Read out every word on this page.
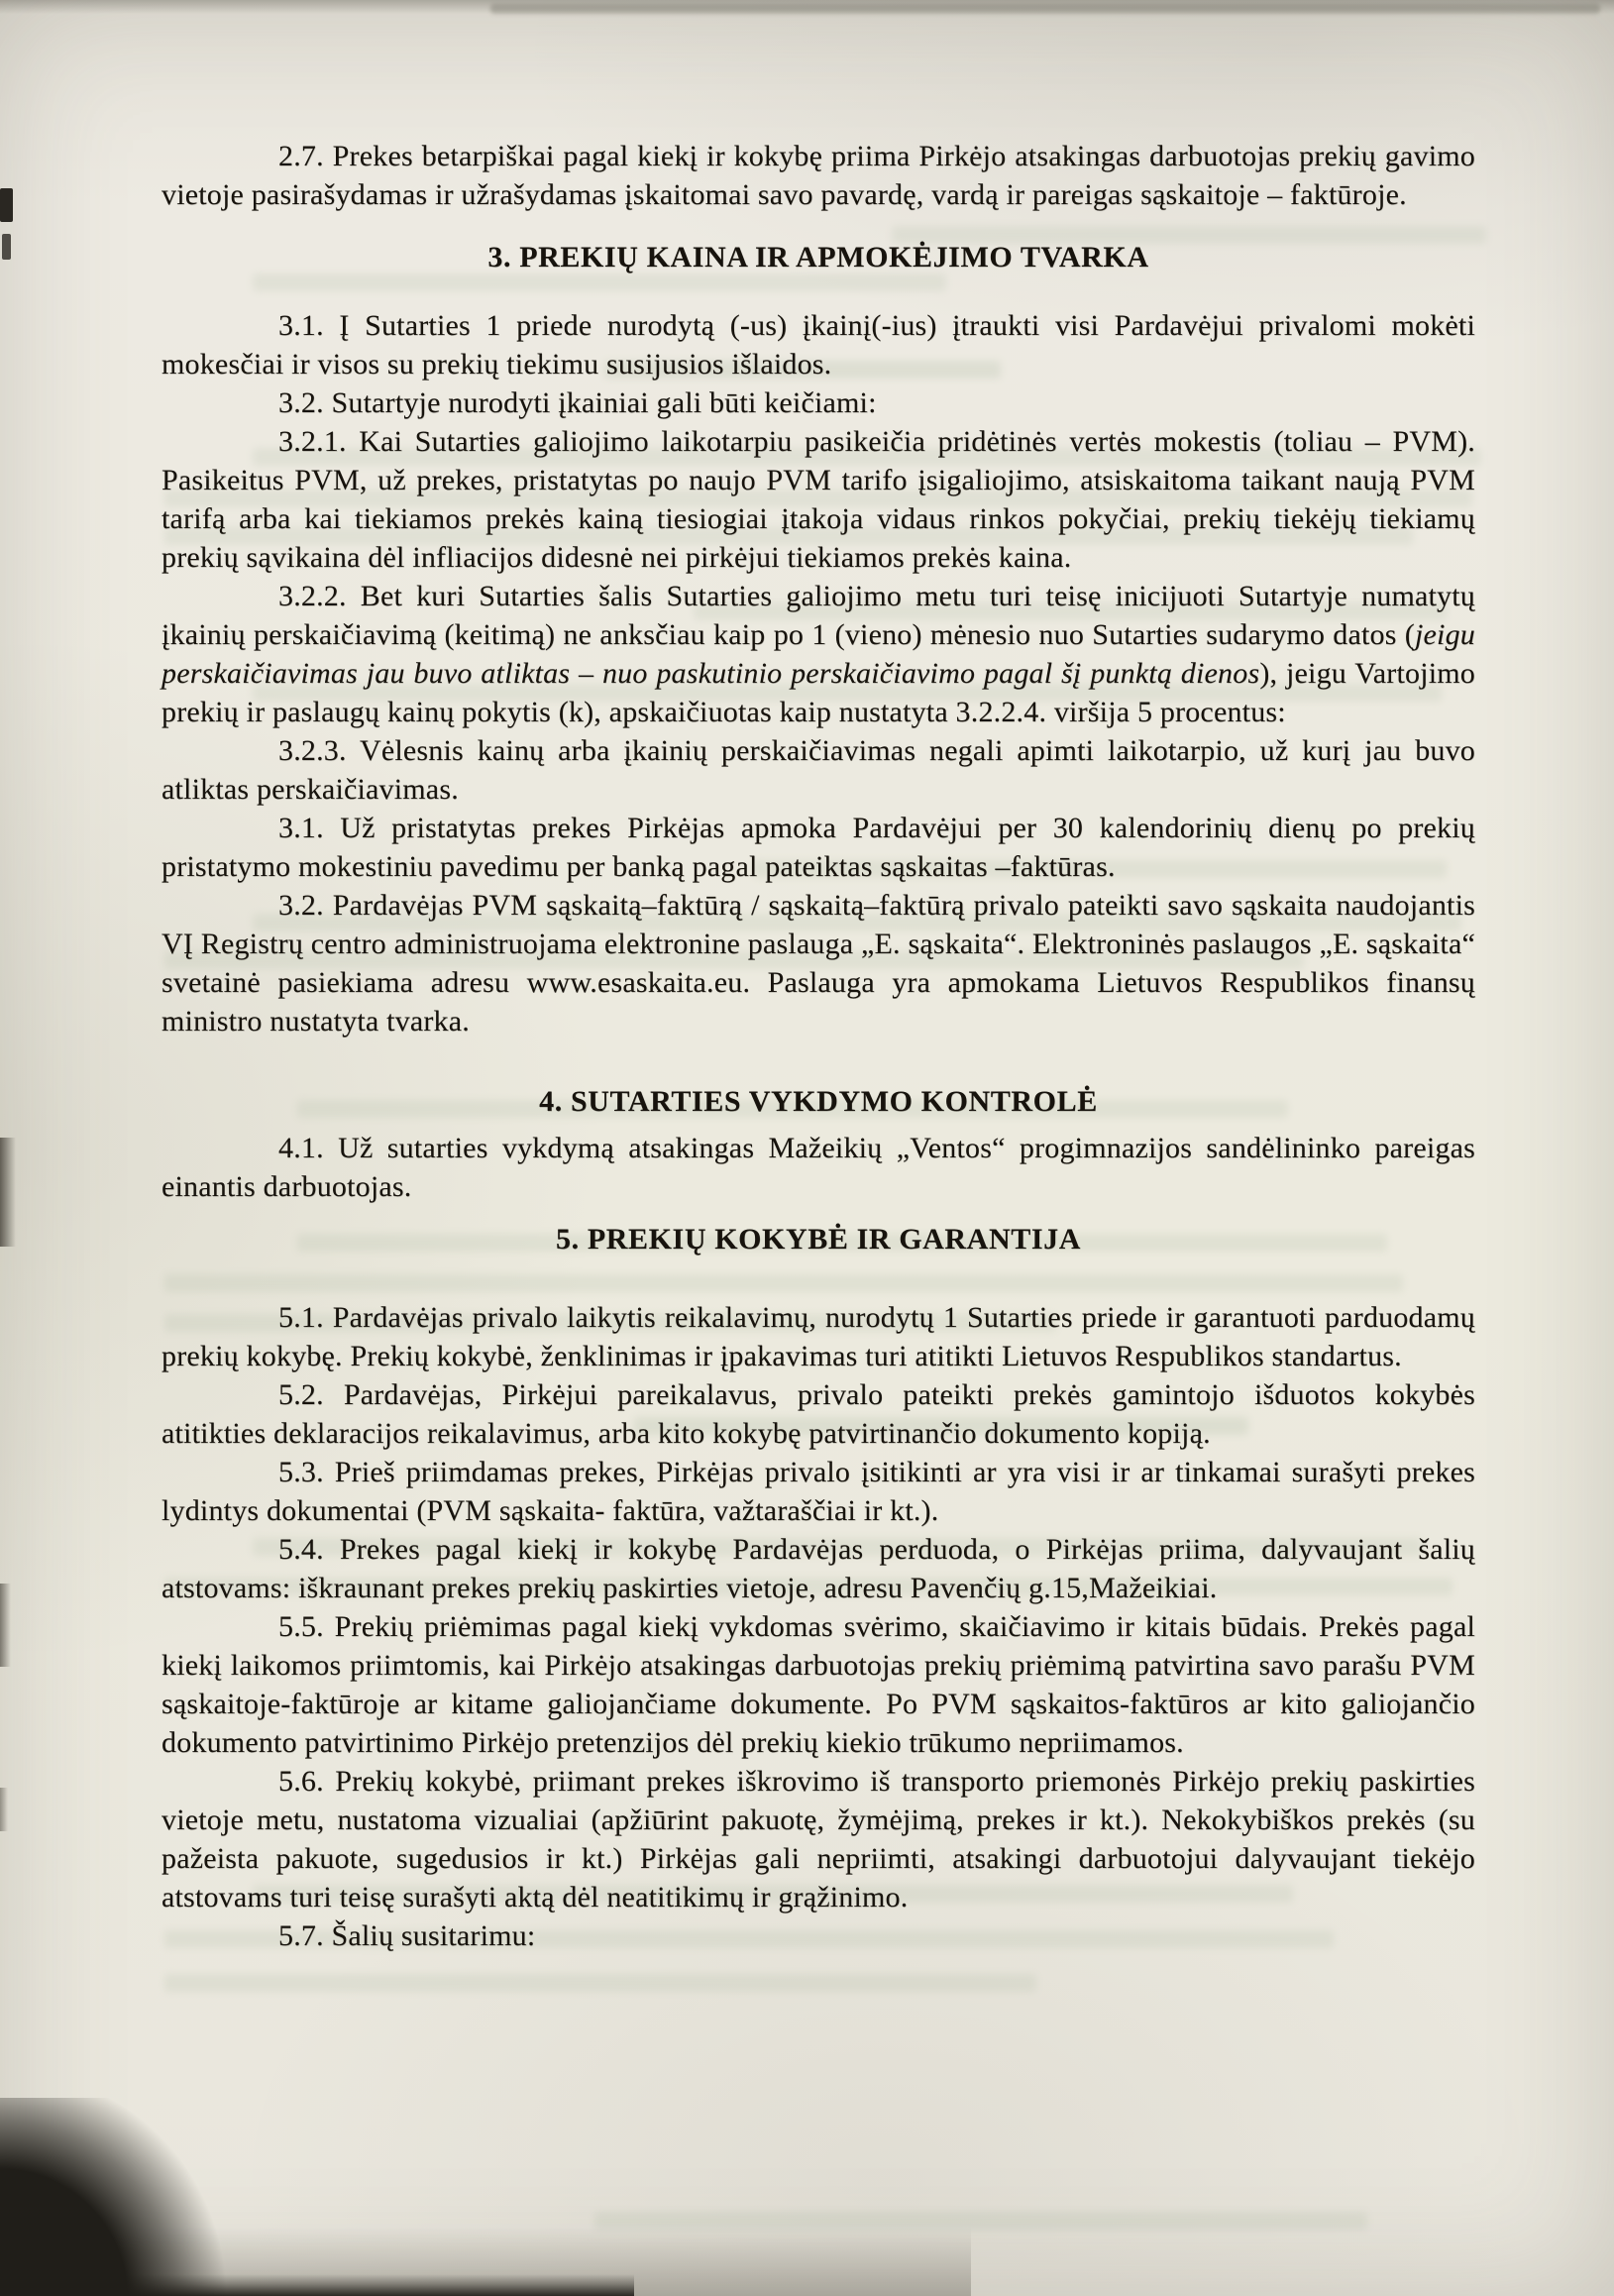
2.7. Prekes betarpiškai pagal kiekį ir kokybę priima Pirkėjo atsakingas darbuotojas prekių gavimo vietoje pasirašydamas ir užrašydamas įskaitomai savo pavardę, vardą ir pareigas sąskaitoje – faktūroje.

3. PREKIŲ KAINA IR APMOKĖJIMO TVARKA

3.1. Į Sutarties 1 priede nurodytą (-us) įkainį(-ius) įtraukti visi Pardavėjui privalomi mokėti mokesčiai ir visos su prekių tiekimu susijusios išlaidos.

3.2. Sutartyje nurodyti įkainiai gali būti keičiami:

3.2.1. Kai Sutarties galiojimo laikotarpiu pasikeičia pridėtinės vertės mokestis (toliau – PVM). Pasikeitus PVM, už prekes, pristatytas po naujo PVM tarifo įsigaliojimo, atsiskaitoma taikant naują PVM tarifą arba kai tiekiamos prekės kainą tiesiogiai įtakoja vidaus rinkos pokyčiai, prekių tiekėjų tiekiamų prekių sąvikaina dėl infliacijos didesnė nei pirkėjui tiekiamos prekės kaina.

3.2.2. Bet kuri Sutarties šalis Sutarties galiojimo metu turi teisę inicijuoti Sutartyje numatytų įkainių perskaičiavimą (keitimą) ne anksčiau kaip po 1 (vieno) mėnesio nuo Sutarties sudarymo datos (jeigu perskaičiavimas jau buvo atliktas – nuo paskutinio perskaičiavimo pagal šį punktą dienos), jeigu Vartojimo prekių ir paslaugų kainų pokytis (k), apskaičiuotas kaip nustatyta 3.2.2.4. viršija 5 procentus:

3.2.3. Vėlesnis kainų arba įkainių perskaičiavimas negali apimti laikotarpio, už kurį jau buvo atliktas perskaičiavimas.

3.1. Už pristatytas prekes Pirkėjas apmoka Pardavėjui per 30 kalendorinių dienų po prekių pristatymo mokestiniu pavedimu per banką pagal pateiktas sąskaitas –faktūras.

3.2. Pardavėjas PVM sąskaitą–faktūrą / sąskaitą–faktūrą privalo pateikti savo sąskaita naudojantis VĮ Registrų centro administruojama elektronine paslauga „E. sąskaita“. Elektroninės paslaugos „E. sąskaita“ svetainė pasiekiama adresu www.esaskaita.eu. Paslauga yra apmokama Lietuvos Respublikos finansų ministro nustatyta tvarka.

4. SUTARTIES VYKDYMO KONTROLĖ

4.1. Už sutarties vykdymą atsakingas Mažeikių „Ventos“ progimnazijos sandėlininko pareigas einantis darbuotojas.

5. PREKIŲ KOKYBĖ IR GARANTIJA

5.1. Pardavėjas privalo laikytis reikalavimų, nurodytų 1 Sutarties priede ir garantuoti parduodamų prekių kokybę. Prekių kokybė, ženklinimas ir įpakavimas turi atitikti Lietuvos Respublikos standartus.

5.2. Pardavėjas, Pirkėjui pareikalavus, privalo pateikti prekės gamintojo išduotos kokybės atitikties deklaracijos reikalavimus, arba kito kokybę patvirtinančio dokumento kopiją.

5.3. Prieš priimdamas prekes, Pirkėjas privalo įsitikinti ar yra visi ir ar tinkamai surašyti prekes lydintys dokumentai (PVM sąskaita- faktūra, važtaraščiai ir kt.).

5.4. Prekes pagal kiekį ir kokybę Pardavėjas perduoda, o Pirkėjas priima, dalyvaujant šalių atstovams: iškraunant prekes prekių paskirties vietoje, adresu Pavenčių g.15,Mažeikiai.

5.5. Prekių priėmimas pagal kiekį vykdomas svėrimo, skaičiavimo ir kitais būdais. Prekės pagal kiekį laikomos priimtomis, kai Pirkėjo atsakingas darbuotojas prekių priėmimą patvirtina savo parašu PVM sąskaitoje-faktūroje ar kitame galiojančiame dokumente. Po PVM sąskaitos-faktūros ar kito galiojančio dokumento patvirtinimo Pirkėjo pretenzijos dėl prekių kiekio trūkumo nepriimamos.

5.6. Prekių kokybė, priimant prekes iškrovimo iš transporto priemonės Pirkėjo prekių paskirties vietoje metu, nustatoma vizualiai (apžiūrint pakuotę, žymėjimą, prekes ir kt.). Nekokybiškos prekės (su pažeista pakuote, sugedusios ir kt.) Pirkėjas gali nepriimti, atsakingi darbuotojui dalyvaujant tiekėjo atstovams turi teisę surašyti aktą dėl neatitikimų ir grąžinimo.

5.7. Šalių susitarimu:
